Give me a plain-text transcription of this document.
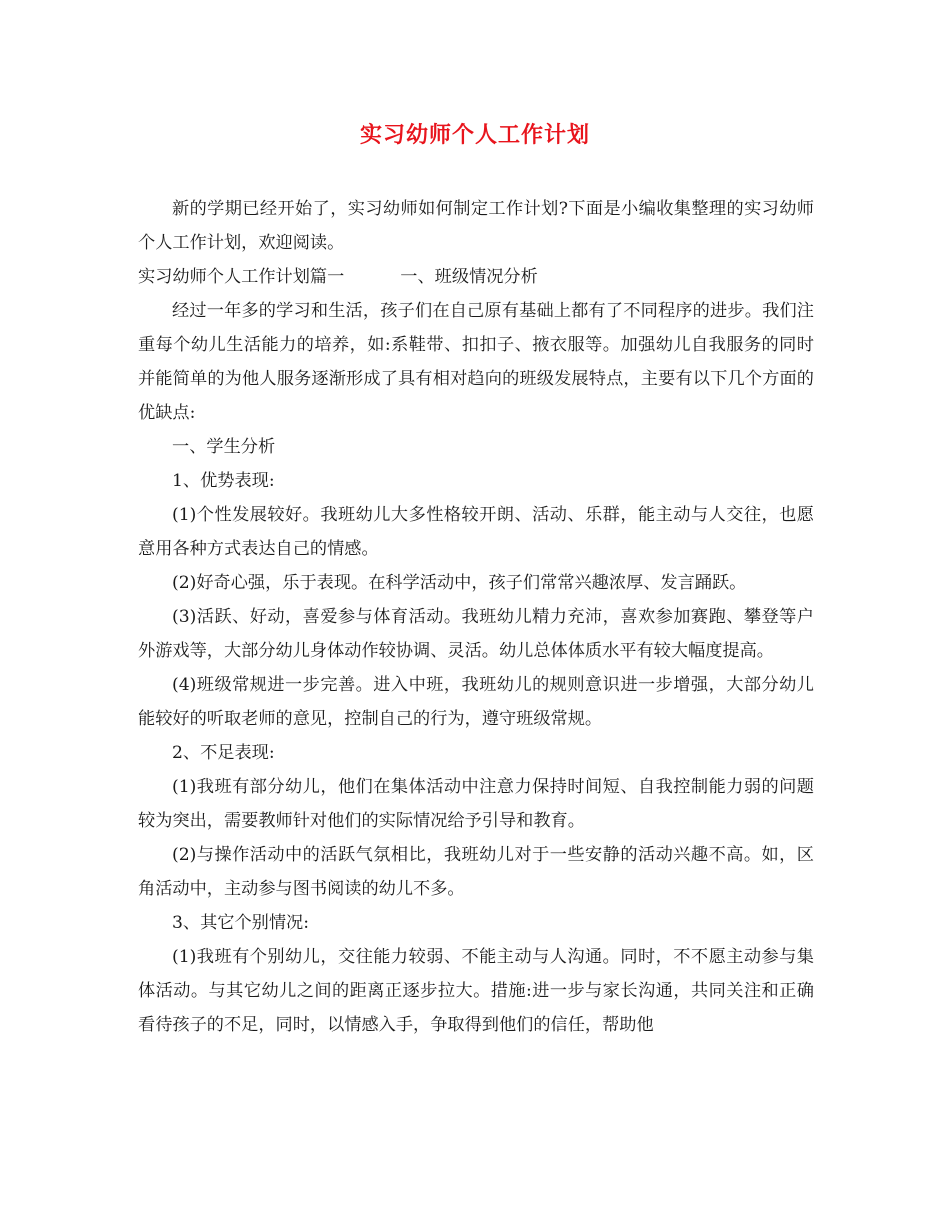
实习幼师个人工作计划

新的学期已经开始了，实习幼师如何制定工作计划?下面是小编收集整理的实习幼师个人工作计划，欢迎阅读。

实习幼师个人工作计划篇一	一、班级情况分析

经过一年多的学习和生活，孩子们在自己原有基础上都有了不同程序的进步。我们注重每个幼儿生活能力的培养，如:系鞋带、扣扣子、掖衣服等。加强幼儿自我服务的同时并能简单的为他人服务逐渐形成了具有相对趋向的班级发展特点，主要有以下几个方面的优缺点:

一、学生分析

1、优势表现:

(1)个性发展较好。我班幼儿大多性格较开朗、活动、乐群，能主动与人交往，也愿意用各种方式表达自己的情感。

(2)好奇心强，乐于表现。在科学活动中，孩子们常常兴趣浓厚、发言踊跃。

(3)活跃、好动，喜爱参与体育活动。我班幼儿精力充沛，喜欢参加赛跑、攀登等户外游戏等，大部分幼儿身体动作较协调、灵活。幼儿总体体质水平有较大幅度提高。

(4)班级常规进一步完善。进入中班，我班幼儿的规则意识进一步增强，大部分幼儿能较好的听取老师的意见，控制自己的行为，遵守班级常规。

2、不足表现:

(1)我班有部分幼儿，他们在集体活动中注意力保持时间短、自我控制能力弱的问题较为突出，需要教师针对他们的实际情况给予引导和教育。

(2)与操作活动中的活跃气氛相比，我班幼儿对于一些安静的活动兴趣不高。如，区角活动中，主动参与图书阅读的幼儿不多。

3、其它个别情况:

(1)我班有个别幼儿，交往能力较弱、不能主动与人沟通。同时，不不愿主动参与集体活动。与其它幼儿之间的距离正逐步拉大。措施:进一步与家长沟通，共同关注和正确看待孩子的不足，同时，以情感入手，争取得到他们的信任，帮助他
